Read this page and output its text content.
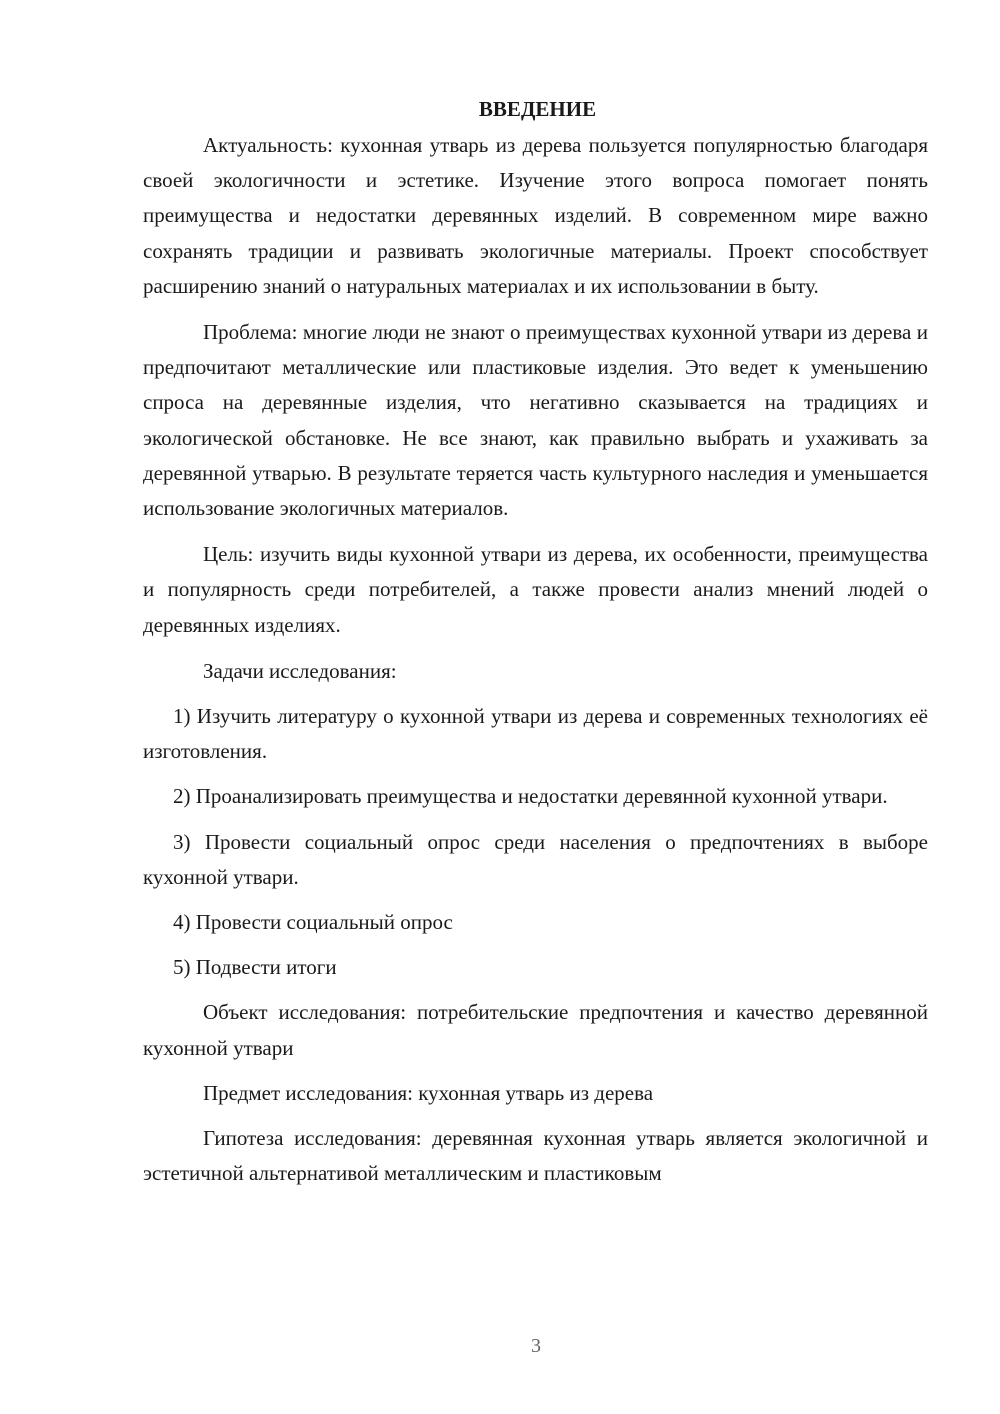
ВВЕДЕНИЕ

Актуальность: кухонная утварь из дерева пользуется популярностью благодаря своей экологичности и эстетике. Изучение этого вопроса помогает понять преимущества и недостатки деревянных изделий. В современном мире важно сохранять традиции и развивать экологичные материалы. Проект способствует расширению знаний о натуральных материалах и их использовании в быту.

Проблема: многие люди не знают о преимуществах кухонной утвари из дерева и предпочитают металлические или пластиковые изделия. Это ведет к уменьшению спроса на деревянные изделия, что негативно сказывается на традициях и экологической обстановке. Не все знают, как правильно выбрать и ухаживать за деревянной утварью. В результате теряется часть культурного наследия и уменьшается использование экологичных материалов.

Цель: изучить виды кухонной утвари из дерева, их особенности, преимущества и популярность среди потребителей, а также провести анализ мнений людей о деревянных изделиях.

Задачи исследования:

1) Изучить литературу о кухонной утвари из дерева и современных технологиях её изготовления.

2) Проанализировать преимущества и недостатки деревянной кухонной утвари.

3) Провести социальный опрос среди населения о предпочтениях в выборе кухонной утвари.

4) Провести социальный опрос

5) Подвести итоги

Объект исследования: потребительские предпочтения и качество деревянной кухонной утвари

Предмет исследования: кухонная утварь из дерева

Гипотеза исследования: деревянная кухонная утварь является экологичной и эстетичной альтернативой металлическим и пластиковым

3
